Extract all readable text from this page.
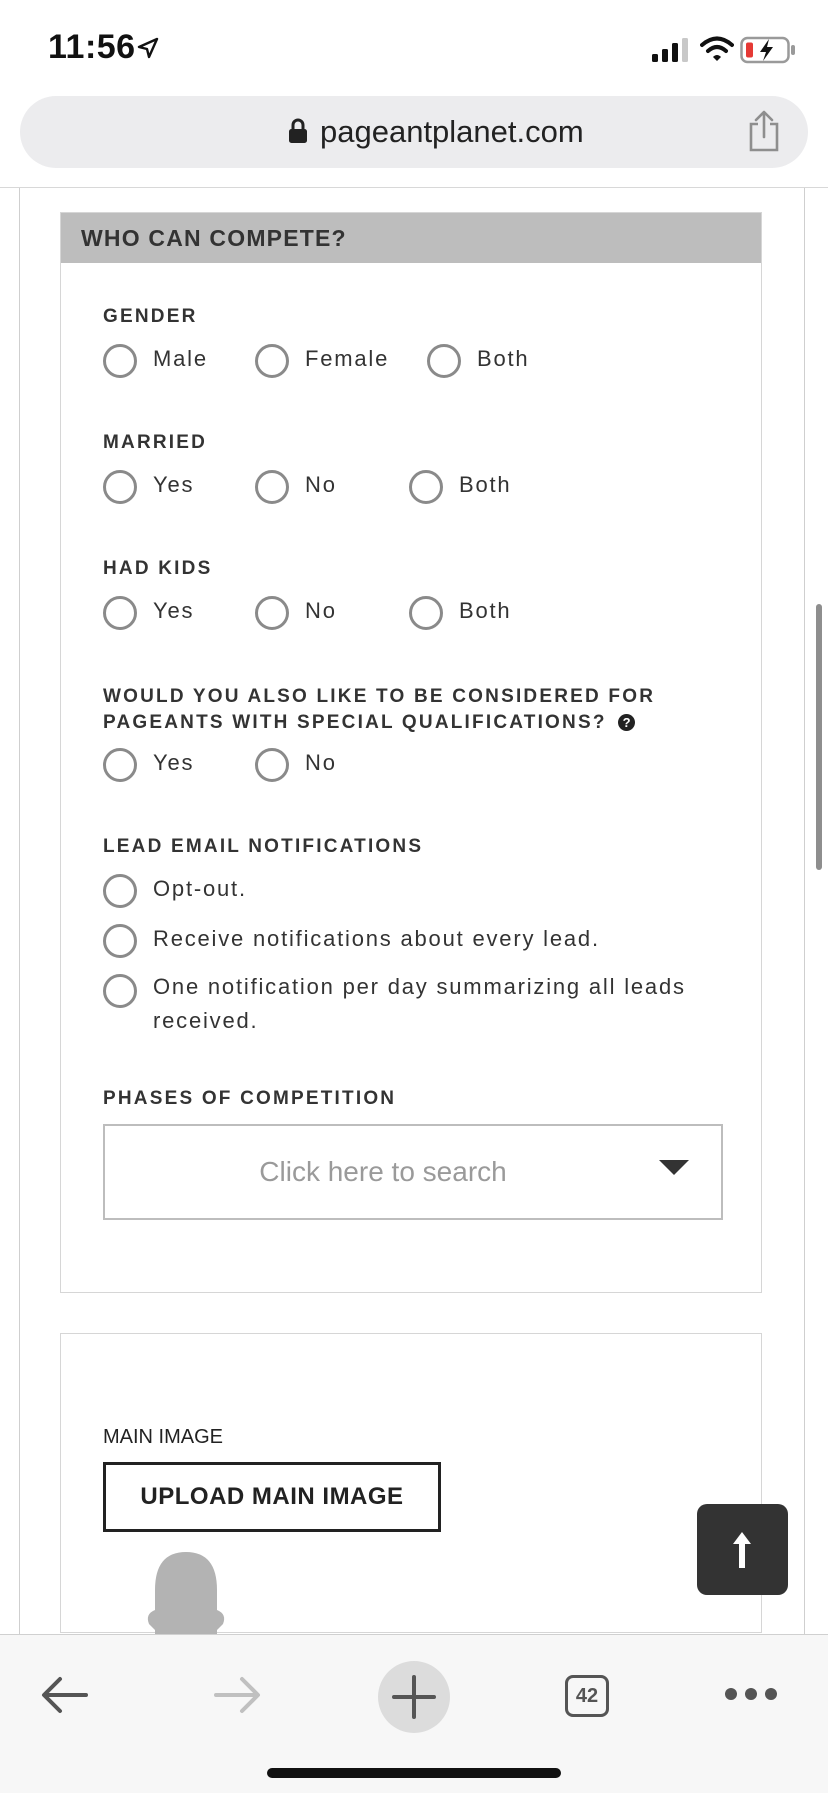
11:56
pageantplanet.com
WHO CAN COMPETE?
GENDER
Male	Female	Both
MARRIED
Yes	No	Both
HAD KIDS
Yes	No	Both
WOULD YOU ALSO LIKE TO BE CONSIDERED FOR PAGEANTS WITH SPECIAL QUALIFICATIONS? ?
Yes	No
LEAD EMAIL NOTIFICATIONS
Opt-out.
Receive notifications about every lead.
One notification per day summarizing all leads received.
PHASES OF COMPETITION
Click here to search
MAIN IMAGE
UPLOAD MAIN IMAGE
42
